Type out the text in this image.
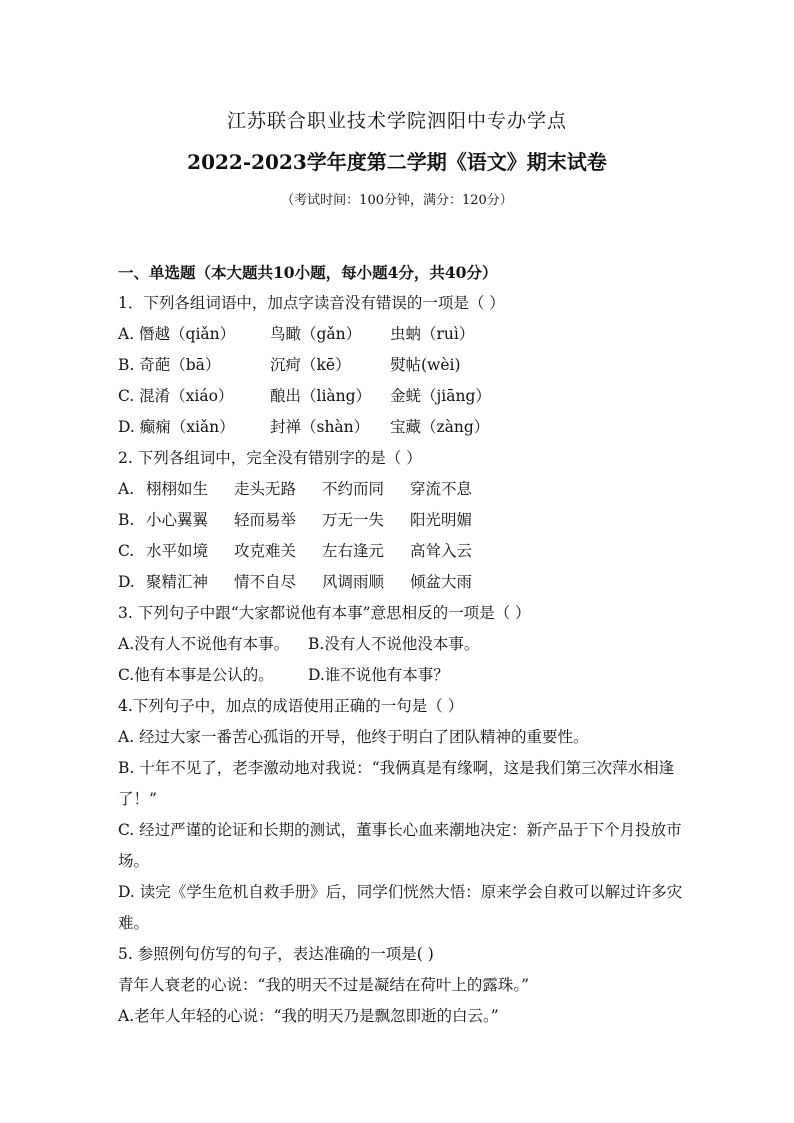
江苏联合职业技术学院泗阳中专办学点
2022-2023学年度第二学期《语文》期末试卷
（考试时间：100分钟，满分：120分）
一、单选题（本大题共10小题，每小题4分，共40分）
1．下列各组词语中，加点字读音没有错误的一项是（ ）
A. 僭越（qiǎn）	鸟瞰（gǎn）	虫蚋（ruì）
B. 奇葩（bā）	沉疴（kē）	熨帖(wèi)
C. 混淆（xiáo）	酿出（liàng）	金蜣（jiāng）
D. 癫痫（xiǎn）	封禅（shàn）	宝藏（zàng）
2. 下列各组词中，完全没有错别字的是（ ）
A. 栩栩如生	走头无路	不约而同	穿流不息
B. 小心翼翼	轻而易举	万无一失	阳光明媚
C. 水平如境	攻克难关	左右逢元	高耸入云
D. 聚精汇神	情不自尽	风调雨顺	倾盆大雨
3. 下列句子中跟“大家都说他有本事”意思相反的一项是（ ）
A.没有人不说他有本事。	B.没有人不说他没本事。
C.他有本事是公认的。	D.谁不说他有本事？
4.下列句子中，加点的成语使用正确的一句是（ ）
A. 经过大家一番苦心孤诣的开导，他终于明白了团队精神的重要性。
B. 十年不见了，老李激动地对我说：“我俩真是有缘啊，这是我们第三次萍水相逢了！”
C. 经过严谨的论证和长期的测试，董事长心血来潮地决定：新产品于下个月投放市场。
D. 读完《学生危机自救手册》后，同学们恍然大悟：原来学会自救可以解过许多灾难。
5. 参照例句仿写的句子，表达准确的一项是( )
青年人衰老的心说：“我的明天不过是凝结在荷叶上的露珠。”
A.老年人年轻的心说：“我的明天乃是飘忽即逝的白云。”
